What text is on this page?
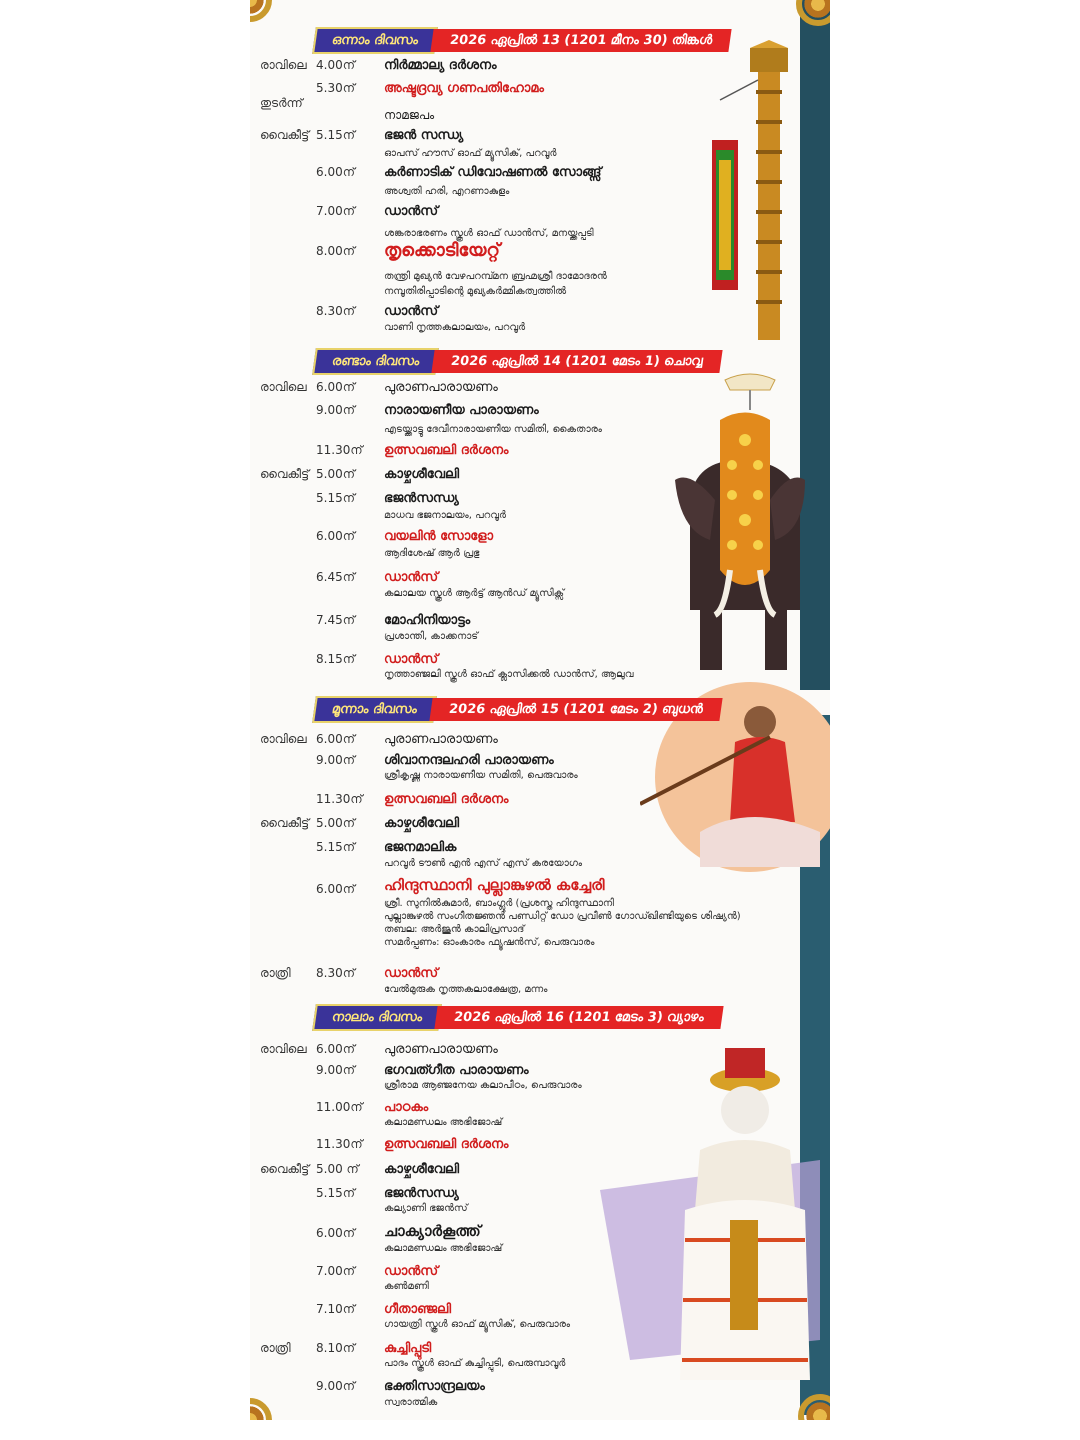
ഒന്നാം ദിവസം	2026 ഏപ്രിൽ 13 (1201 മീനം 30) തിങ്കൾ
രാവിലെ 4.00ന് നിർമ്മാല്യ ദർശനം
5.30ന് അഷ്ടദ്രവ്യ ഗണപതിഹോമം
തുടർന്ന്
നാമജപം
വൈകീട്ട് 5.15ന് ഭജൻ സന്ധ്യ
ഓപസ് ഹൗസ് ഓഫ് മ്യൂസിക്, പറവൂർ
6.00ന് കർണാടിക് ഡിവോഷണൽ സോങ്ങ്സ്
അശ്വതി ഹരി, എറണാകുളം
7.00ന് ഡാൻസ്
ശങ്കരാഭരണം സ്കൂൾ ഓഫ് ഡാൻസ്, മനയ്ക്കപ്പടി
8.00ന് തൃക്കൊടിയേറ്റ്
തന്ത്രി മുഖ്യൻ വേഴപറമ്പ്മന ബ്രഹ്മശ്രീ ദാമോദരൻ
നമ്പൂതിരിപ്പാടിന്റെ മുഖ്യകർമ്മികത്വത്തിൽ
8.30ന് ഡാൻസ്
വാണി നൃത്തകലാലയം, പറവൂർ
രണ്ടാം ദിവസം	2026 ഏപ്രിൽ 14 (1201 മേടം 1) ചൊവ്വ
രാവിലെ 6.00ന് പുരാണപാരായണം
9.00ന് നാരായണീയ പാരായണം
എടയ്ക്കാട്ടു ദേവീനാരായണീയ സമിതി, കൈതാരം
11.30ന് ഉത്സവബലി ദർശനം
വൈകീട്ട് 5.00ന് കാഴ്ചശീവേലി
5.15ന് ഭജൻസന്ധ്യ
മാധവ ഭജനാലയം, പറവൂർ
6.00ന് വയലിൻ സോളോ
ആദിശേഷ് ആർ പ്രഭു
6.45ന് ഡാൻസ്
കലാലയ സ്കൂൾ ആർട്ട് ആൻഡ് മ്യൂസിക്സ്
7.45ന് മോഹിനിയാട്ടം
പ്രശാന്തി, കാക്കനാട്
8.15ന് ഡാൻസ്
നൃത്താഞ്ജലി സ്കൂൾ ഓഫ് ക്ലാസിക്കൽ ഡാൻസ്, ആലുവ
മൂന്നാം ദിവസം	2026 ഏപ്രിൽ 15 (1201 മേടം 2) ബുധൻ
രാവിലെ 6.00ന് പുരാണപാരായണം
9.00ന് ശിവാനന്ദലഹരി പാരായണം
ശ്രീകൃഷ്ണ നാരായണീയ സമിതി, പെരുവാരം
11.30ന് ഉത്സവബലി ദർശനം
വൈകീട്ട് 5.00ന് കാഴ്ചശീവേലി
5.15ന് ഭജനമാലിക
പറവൂർ ടൗൺ എൻ എസ് എസ് കരയോഗം
6.00ന് ഹിന്ദുസ്ഥാനി പുല്ലാങ്കുഴൽ കച്ചേരി
ശ്രീ. സുനിൽകുമാർ, ബാംഗ്ലൂർ (പ്രശസ്ത ഹിന്ദുസ്ഥാനി
പുല്ലാങ്കുഴൽ സംഗീതജ്ഞൻ പണ്ഡിറ്റ് ഡോ പ്രവീൺ ഗോഡ്ഖിണ്ടിയുടെ ശിഷ്യൻ)
തബല: അർജുൻ കാലിപ്രസാദ്
സമർപ്പണം: ഓംകാരം ഫ്യൂഷൻസ്, പെരുവാരം
രാത്രി 8.30ന് ഡാൻസ്
വേൽമുരുക നൃത്തകലാക്ഷേത്ര, മന്നം
നാലാം ദിവസം	2026 ഏപ്രിൽ 16 (1201 മേടം 3) വ്യാഴം
രാവിലെ 6.00ന് പുരാണപാരായണം
9.00ന് ഭഗവത്ഗീത പാരായണം
ശ്രീരാമ ആഞ്ജനേയ കലാപീഠം, പെരുവാരം
11.00ന് പാഠകം
കലാമണ്ഡലം അഭിജോഷ്
11.30ന് ഉത്സവബലി ദർശനം
വൈകീട്ട് 5.00 ന് കാഴ്ചശീവേലി
5.15ന് ഭജൻസന്ധ്യ
കല്യാണി ഭജൻസ്
6.00ന് ചാക്യാർകൂത്ത്
കലാമണ്ഡലം അഭിജോഷ്
7.00ന് ഡാൻസ്
കൺമണി
7.10ന് ഗീതാഞ്ജലി
ഗായത്രി സ്കൂൾ ഓഫ് മ്യൂസിക്, പെരുവാരം
രാത്രി 8.10ന് കുച്ചിപ്പുടി
പാദം സ്കൂൾ ഓഫ് കുച്ചിപ്പുടി, പെരുമ്പാവൂർ
9.00ന് ഭക്തിസാന്ദ്രലയം
സ്വരാത്മിക
